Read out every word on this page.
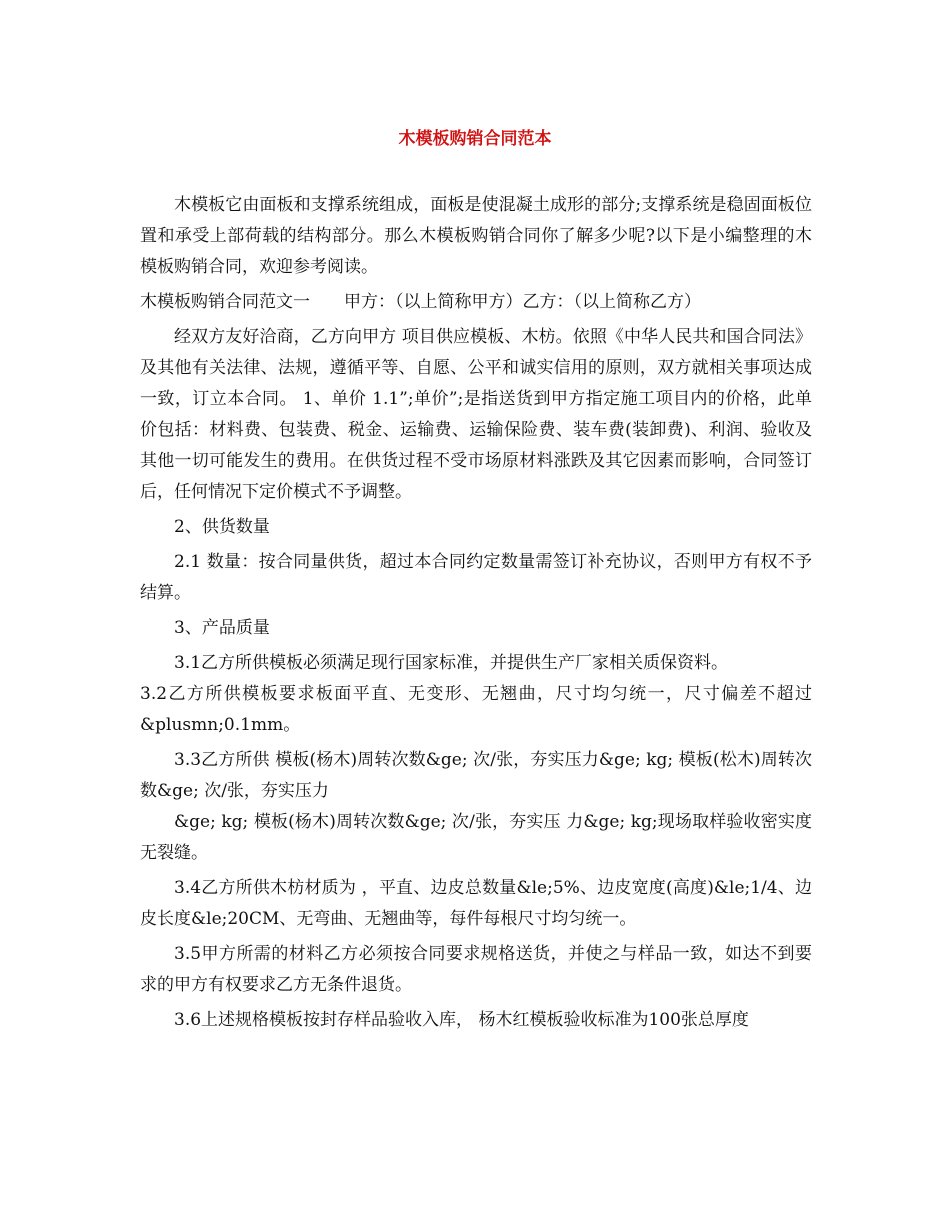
木模板购销合同范本

木模板它由面板和支撑系统组成，面板是使混凝土成形的部分;支撑系统是稳固面板位置和承受上部荷载的结构部分。那么木模板购销合同你了解多少呢?以下是小编整理的木模板购销合同，欢迎参考阅读。

木模板购销合同范文一　　甲方：（以上简称甲方）乙方：（以上简称乙方）

经双方友好洽商，乙方向甲方 项目供应模板、木枋。依照《中华人民共和国合同法》及其他有关法律、法规，遵循平等、自愿、公平和诚实信用的原则，双方就相关事项达成一致，订立本合同。 1、单价 1.1”;单价”;是指送货到甲方指定施工项目内的价格，此单价包括：材料费、包装费、税金、运输费、运输保险费、装车费(装卸费)、利润、验收及其他一切可能发生的费用。在供货过程不受市场原材料涨跌及其它因素而影响，合同签订后，任何情况下定价模式不予调整。

2、供货数量

2.1 数量：按合同量供货，超过本合同约定数量需签订补充协议，否则甲方有权不予结算。

3、产品质量

3.1乙方所供模板必须满足现行国家标准，并提供生产厂家相关质保资料。

3.2乙方所供模板要求板面平直、无变形、无翘曲，尺寸均匀统一，尺寸偏差不超过&plusmn;0.1mm。

3.3乙方所供 模板(杨木)周转次数&ge; 次/张，夯实压力&ge; kg; 模板(松木)周转次数&ge; 次/张，夯实压力

&ge; kg; 模板(杨木)周转次数&ge; 次/张，夯实压 力&ge; kg;现场取样验收密实度无裂缝。

3.4乙方所供木枋材质为 ，平直、边皮总数量&le;5%、边皮宽度(高度)&le;1/4、边皮长度&le;20CM、无弯曲、无翘曲等，每件每根尺寸均匀统一。

3.5甲方所需的材料乙方必须按合同要求规格送货，并使之与样品一致，如达不到要求的甲方有权要求乙方无条件退货。

3.6上述规格模板按封存样品验收入库， 杨木红模板验收标准为100张总厚度
